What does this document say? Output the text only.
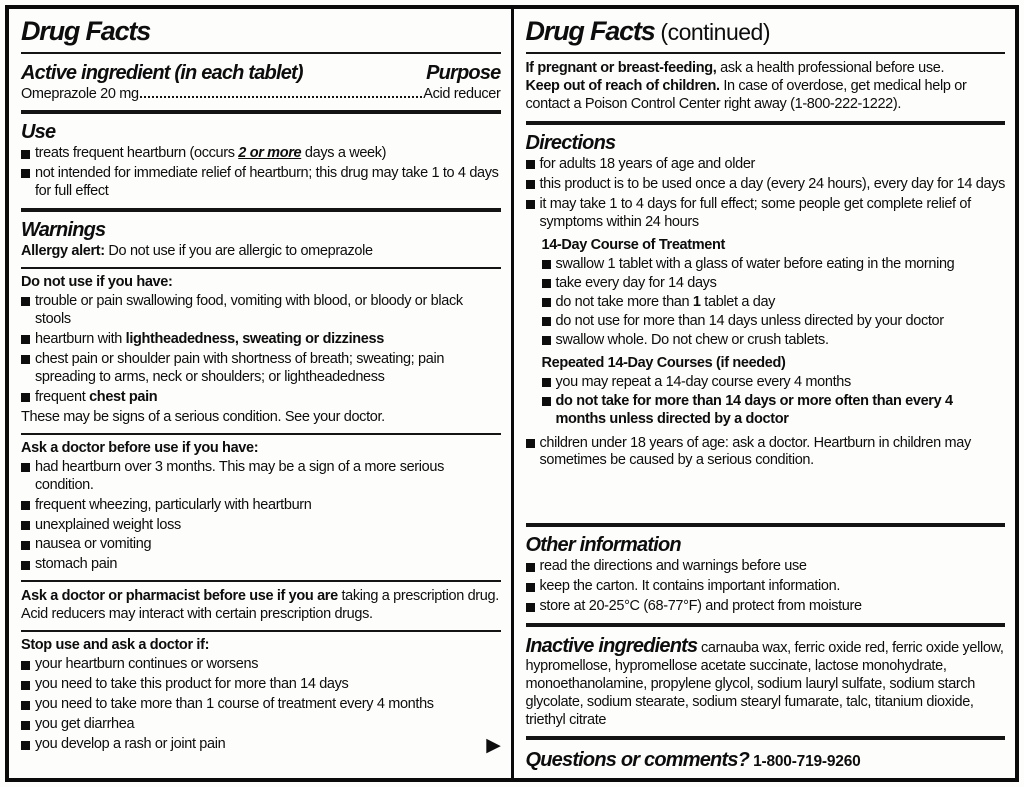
Drug Facts
Active ingredient (in each tablet)	Purpose
Omeprazole 20 mg	Acid reducer
Use
treats frequent heartburn (occurs 2 or more days a week)
not intended for immediate relief of heartburn; this drug may take 1 to 4 days for full effect
Warnings
Allergy alert: Do not use if you are allergic to omeprazole
Do not use if you have:
trouble or pain swallowing food, vomiting with blood, or bloody or black stools
heartburn with lightheadedness, sweating or dizziness
chest pain or shoulder pain with shortness of breath; sweating; pain spreading to arms, neck or shoulders; or lightheadedness
frequent chest pain
These may be signs of a serious condition. See your doctor.
Ask a doctor before use if you have:
had heartburn over 3 months. This may be a sign of a more serious condition.
frequent wheezing, particularly with heartburn
unexplained weight loss
nausea or vomiting
stomach pain
Ask a doctor or pharmacist before use if you are taking a prescription drug. Acid reducers may interact with certain prescription drugs.
Stop use and ask a doctor if:
your heartburn continues or worsens
you need to take this product for more than 14 days
you need to take more than 1 course of treatment every 4 months
you get diarrhea
you develop a rash or joint pain	▶
Drug Facts (continued)
If pregnant or breast-feeding, ask a health professional before use.
Keep out of reach of children. In case of overdose, get medical help or contact a Poison Control Center right away (1-800-222-1222).
Directions
for adults 18 years of age and older
this product is to be used once a day (every 24 hours), every day for 14 days
it may take 1 to 4 days for full effect; some people get complete relief of symptoms within 24 hours
14-Day Course of Treatment
swallow 1 tablet with a glass of water before eating in the morning
take every day for 14 days
do not take more than 1 tablet a day
do not use for more than 14 days unless directed by your doctor
swallow whole. Do not chew or crush tablets.
Repeated 14-Day Courses (if needed)
you may repeat a 14-day course every 4 months
do not take for more than 14 days or more often than every 4 months unless directed by a doctor
children under 18 years of age: ask a doctor. Heartburn in children may sometimes be caused by a serious condition.
Other information
read the directions and warnings before use
keep the carton. It contains important information.
store at 20-25°C (68-77°F) and protect from moisture
Inactive ingredients carnauba wax, ferric oxide red, ferric oxide yellow, hypromellose, hypromellose acetate succinate, lactose monohydrate, monoethanolamine, propylene glycol, sodium lauryl sulfate, sodium starch glycolate, sodium stearate, sodium stearyl fumarate, talc, titanium dioxide, triethyl citrate
Questions or comments? 1-800-719-9260
